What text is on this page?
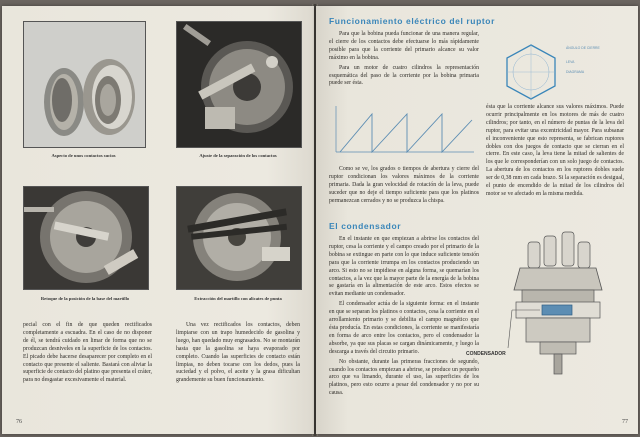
Aspecto de unos contactos sucios	Ajuste de la separación de los contactos
Retoque de la posición de la base del martillo	Extracción del martillo con alicates de punta

pecial con el fin de que queden rectificados completamente a escuadra. En el caso de no disponer de él, se tendrá cuidado en limar de forma que no se produzcan desniveles en la superficie de los contactos. El picado debe hacerse desaparecer por completo en el contacto que presente el saliente. Bastará con aliviar la superficie de contacto del platino que presenta el cráter, para no desgastar excesivamente el material.

Una vez rectificados los contactos, deben limpiarse con un trapo humedecido de gasolina y luego, han quedado muy engrasados. No se montarán hasta que la gasolina se haya evaporado por completo. Cuando las superficies de contacto están limpias, no deben tocarse con los dedos, pues la suciedad y el polvo, el aceite y la grasa dificultan grandemente su buen funcionamiento.

76
Funcionamiento eléctrico del ruptor

Para que la bobina pueda funcionar de una manera regular, el cierre de los contactos debe efectuarse lo más rápidamente posible para que la corriente del primario alcance su valor máximo en la bobina.

Para un motor de cuatro cilindros la representación esquemática del paso de la corriente por la bobina primaria puede ser ésta.

Como se ve, los grados o tiempos de abertura y cierre del ruptor condicionan los valores máximos de la corriente primaria. Dada la gran velocidad de rotación de la leva, puede suceder que no deje el tiempo suficiente para que los platinos permanezcan cerrados y no se produzca la chispa.

ÁNGULO DE CIERRE
LEVA
DIAGRAMA

ésta que la corriente alcance sus valores máximos. Puede ocurrir principalmente en los motores de más de cuatro cilindros; por tanto, en el número de puntas de la leva del ruptor, para evitar una excentricidad mayor. Para subsanar el inconveniente que esto representa, se fabrican ruptores dobles con dos juegos de contacto que se cierran en el cierre. En este caso, la leva tiene la mitad de salientes de los que le corresponderían con un solo juego de contactos. La abertura de los contactos en los ruptores dobles suele ser de 0,38 mm en cada brazo. Si la separación es desigual, el punto de encendido de la mitad de los cilindros del motor se ve afectado en la misma medida.

El condensador

En el instante en que empiezan a abrirse los contactos del ruptor, cesa la corriente y el campo creado por el primario de la bobina se extingue en parte con lo que induce suficiente tensión para que la corriente irrumpa en los contactos produciendo un arco. Si esto no se impidiese en alguna forma, se quemarían los contactos, a la vez que la mayor parte de la energía de la bobina se gastaría en la alimentación de este arco. Estos efectos se evitan mediante un condensador.

El condensador actúa de la siguiente forma: en el instante en que se separan los platinos o contactos, cesa la corriente en el arrollamiento primario y se debilita el campo magnético que ésta producía. En estas condiciones, la corriente se manifestaría en forma de arco entre los contactos, pero el condensador la absorbe, ya que sus placas se cargan dinámicamente, y luego la descarga a través del circuito primario.

No obstante, durante las primeras fracciones de segundo, cuando los contactos empiezan a abrirse, se produce un pequeño arco que va limando, durante el uso, las superficies de los platinos, pero esto ocurre a pesar del condensador y no por su causa.

CONDENSADOR
77
